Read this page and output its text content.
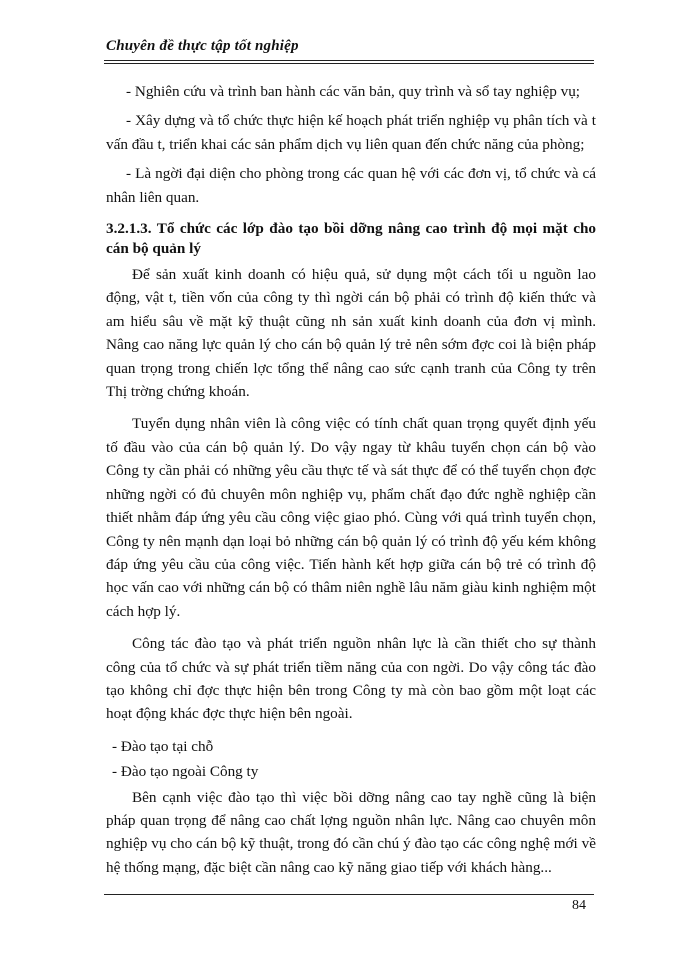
Chuyên đề thực tập tốt nghiệp

- Nghiên cứu và trình ban hành các văn bản, quy trình và sổ tay nghiệp vụ;

- Xây dựng và tổ chức thực hiện kế hoạch phát triển nghiệp vụ phân tích và t vấn đầu t, triển khai các sản phẩm dịch vụ liên quan đến chức năng của phòng;

- Là ngời đại diện cho phòng trong các quan hệ với các đơn vị, tổ chức và cá nhân liên quan.

3.2.1.3. Tổ chức các lớp đào tạo bồi dỡng nâng cao trình độ mọi mặt cho cán bộ quản lý

Để sản xuất kinh doanh có hiệu quả, sử dụng một cách tối u nguồn lao động, vật t, tiền vốn của công ty thì ngời cán bộ phải có trình độ kiến thức và am hiểu sâu về mặt kỹ thuật cũng nh sản xuất kinh doanh của đơn vị mình. Nâng cao năng lực quản lý cho cán bộ quản lý trẻ nên sớm đợc coi là biện pháp quan trọng trong chiến lợc tổng thể nâng cao sức cạnh tranh của Công ty trên Thị trờng chứng khoán.

Tuyển dụng nhân viên là công việc có tính chất quan trọng quyết định yếu tố đầu vào của cán bộ quản lý. Do vậy ngay từ khâu tuyển chọn cán bộ vào Công ty cần phải có những yêu cầu thực tế và sát thực để có thể tuyển chọn đợc những ngời có đủ chuyên môn nghiệp vụ, phẩm chất đạo đức nghề nghiệp cần thiết nhằm đáp ứng yêu cầu công việc giao phó. Cùng với quá trình tuyển chọn, Công ty nên mạnh dạn loại bỏ những cán bộ quản lý có trình độ yếu kém không đáp ứng yêu cầu của công việc. Tiến hành kết hợp giữa cán bộ trẻ có trình độ học vấn cao với những cán bộ có thâm niên nghề lâu năm giàu kinh nghiệm một cách hợp lý.

Công tác đào tạo và phát triển nguồn nhân lực là cần thiết cho sự thành công của tổ chức và sự phát triển tiềm năng của con ngời. Do vậy công tác đào tạo không chỉ đợc thực hiện bên trong Công ty mà còn bao gồm một loạt các hoạt động khác đợc thực hiện bên ngoài.

- Đào tạo tại chỗ

- Đào tạo ngoài Công ty

Bên cạnh việc đào tạo thì việc bồi dỡng nâng cao tay nghề cũng là biện pháp quan trọng để nâng cao chất lợng nguồn nhân lực. Nâng cao chuyên môn nghiệp vụ cho cán bộ kỹ thuật, trong đó cần chú ý đào tạo các công nghệ mới về hệ thống mạng, đặc biệt cần nâng cao kỹ năng giao tiếp với khách hàng...

84
